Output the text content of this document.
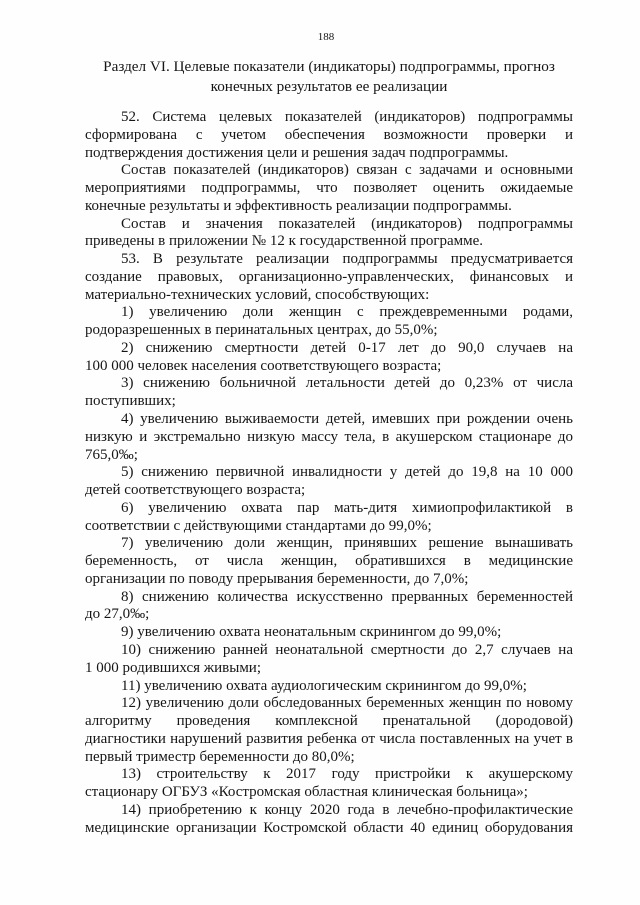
188
Раздел VI. Целевые показатели (индикаторы) подпрограммы, прогноз
конечных результатов ее реализации
52. Система целевых показателей (индикаторов) подпрограммы
сформирована с учетом обеспечения возможности проверки и
подтверждения достижения цели и решения задач подпрограммы.
Состав показателей (индикаторов) связан с задачами и основными
мероприятиями подпрограммы, что позволяет оценить ожидаемые
конечные результаты и эффективность реализации подпрограммы.
Состав и значения показателей (индикаторов) подпрограммы
приведены в приложении № 12 к государственной программе.
53. В результате реализации подпрограммы предусматривается
создание правовых, организационно-управленческих, финансовых и
материально-технических условий, способствующих:
1) увеличению доли женщин с преждевременными родами,
родоразрешенных в перинатальных центрах, до 55,0%;
2) снижению смертности детей 0-17 лет до 90,0 случаев на
100 000 человек населения соответствующего возраста;
3) снижению больничной летальности детей до 0,23% от числа
поступивших;
4) увеличению выживаемости детей, имевших при рождении очень
низкую и экстремально низкую массу тела, в акушерском стационаре до
765,0‰;
5) снижению первичной инвалидности у детей до 19,8 на 10 000
детей соответствующего возраста;
6) увеличению охвата пар мать-дитя химиопрофилактикой в
соответствии с действующими стандартами до 99,0%;
7) увеличению доли женщин, принявших решение вынашивать
беременность, от числа женщин, обратившихся в медицинские
организации по поводу прерывания беременности, до 7,0%;
8) снижению количества искусственно прерванных беременностей
до 27,0‰;
9) увеличению охвата неонатальным скринингом до 99,0%;
10) снижению ранней неонатальной смертности до 2,7 случаев на
1 000 родившихся живыми;
11) увеличению охвата аудиологическим скринингом до 99,0%;
12) увеличению доли обследованных беременных женщин по новому
алгоритму проведения комплексной пренатальной (дородовой)
диагностики нарушений развития ребенка от числа поставленных на учет в
первый триместр беременности до 80,0%;
13) строительству к 2017 году пристройки к акушерскому
стационару ОГБУЗ «Костромская областная клиническая больница»;
14) приобретению к концу 2020 года в лечебно-профилактические
медицинские организации Костромской области 40 единиц оборудования
